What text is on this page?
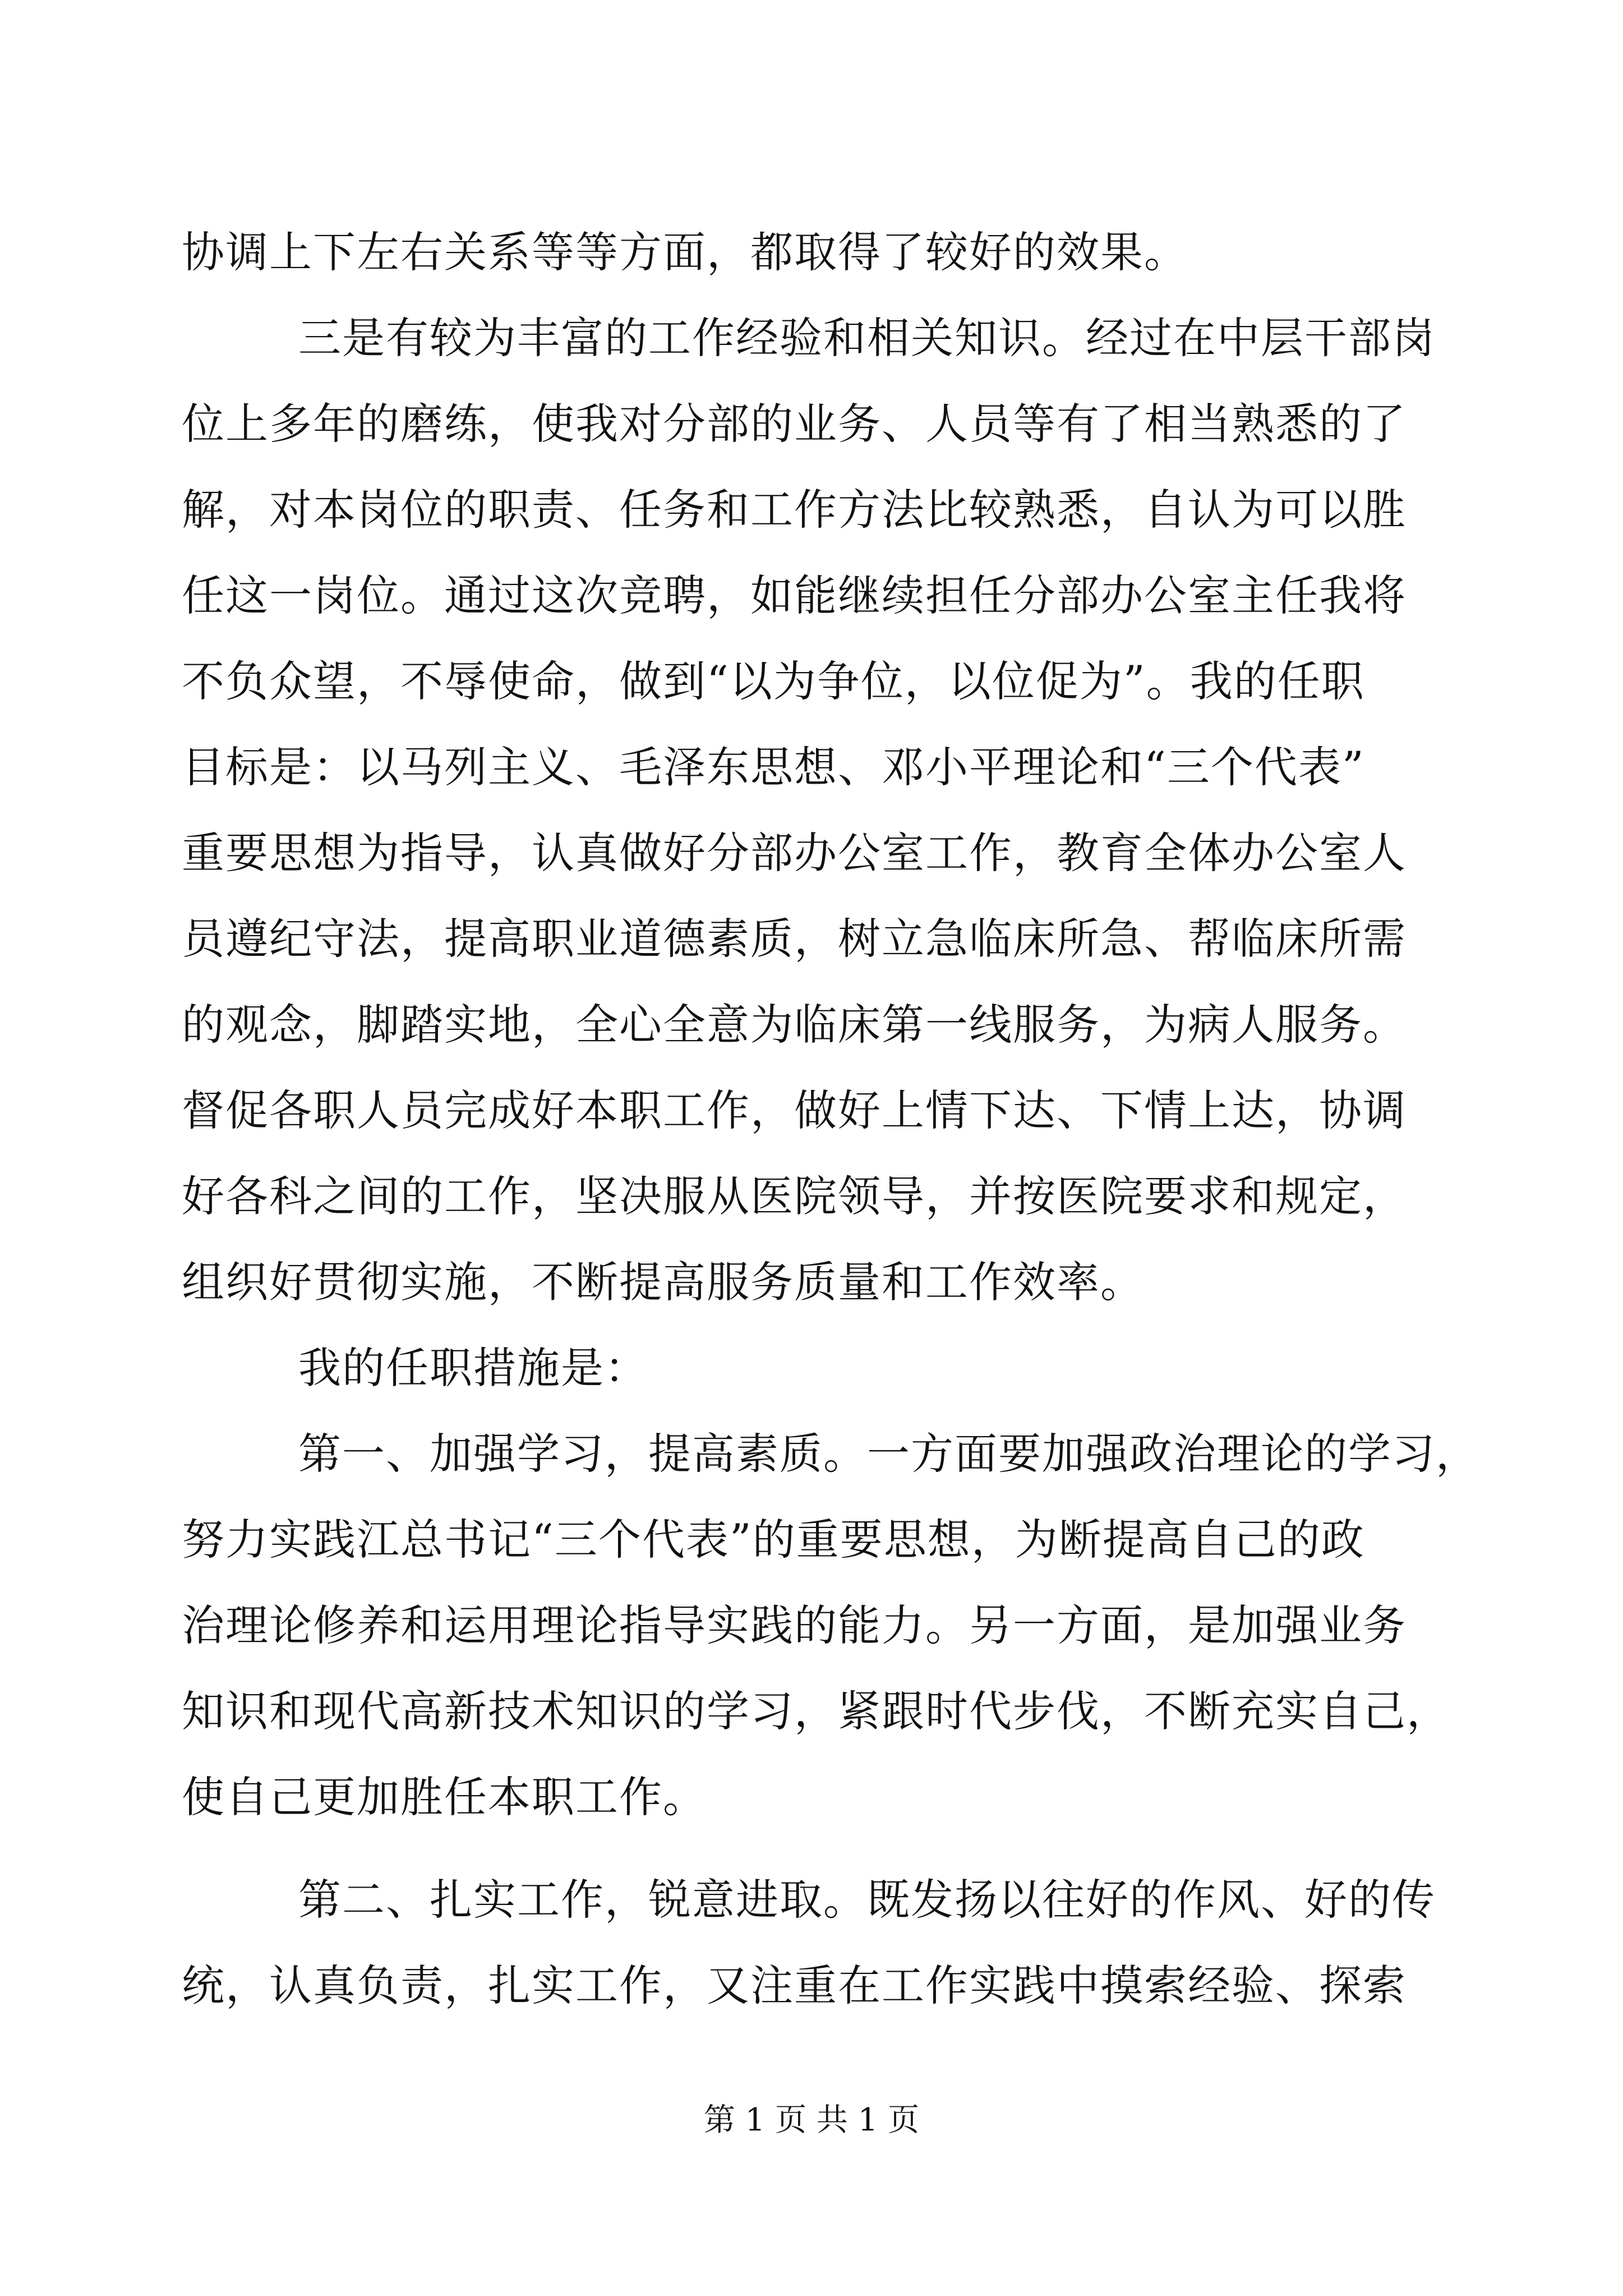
协调上下左右关系等等方面，都取得了较好的效果。
三是有较为丰富的工作经验和相关知识。经过在中层干部岗
位上多年的磨练，使我对分部的业务、人员等有了相当熟悉的了
解，对本岗位的职责、任务和工作方法比较熟悉，自认为可以胜
任这一岗位。通过这次竞聘，如能继续担任分部办公室主任我将
不负众望，不辱使命，做到“以为争位，以位促为”。我的任职
目标是：以马列主义、毛泽东思想、邓小平理论和“三个代表”
重要思想为指导，认真做好分部办公室工作，教育全体办公室人
员遵纪守法，提高职业道德素质，树立急临床所急、帮临床所需
的观念，脚踏实地，全心全意为临床第一线服务，为病人服务。
督促各职人员完成好本职工作，做好上情下达、下情上达，协调
好各科之间的工作，坚决服从医院领导，并按医院要求和规定，
组织好贯彻实施，不断提高服务质量和工作效率。
我的任职措施是：
第一、加强学习，提高素质。一方面要加强政治理论的学习，
努力实践江总书记“三个代表”的重要思想，为断提高自己的政
治理论修养和运用理论指导实践的能力。另一方面，是加强业务
知识和现代高新技术知识的学习，紧跟时代步伐，不断充实自己，
使自己更加胜任本职工作。
第二、扎实工作，锐意进取。既发扬以往好的作风、好的传
统，认真负责，扎实工作，又注重在工作实践中摸索经验、探索
第 1 页 共 1 页
